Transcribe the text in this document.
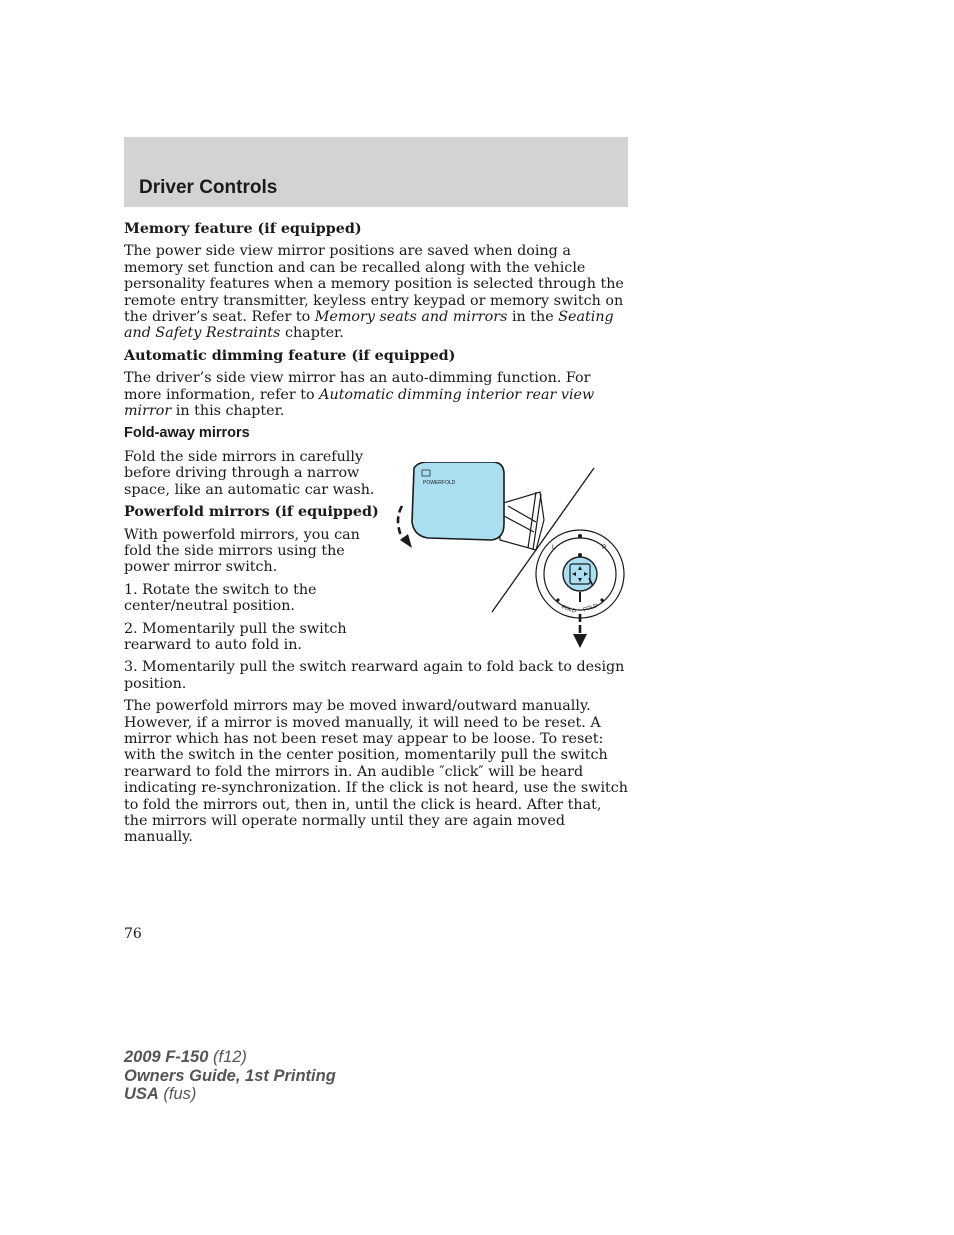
Driver Controls

Memory feature (if equipped)

The power side view mirror positions are saved when doing a memory set function and can be recalled along with the vehicle personality features when a memory position is selected through the remote entry transmitter, keyless entry keypad or memory switch on the driver’s seat. Refer to Memory seats and mirrors in the Seating and Safety Restraints chapter.

Automatic dimming feature (if equipped)

The driver’s side view mirror has an auto-dimming function. For more information, refer to Automatic dimming interior rear view mirror in this chapter.

Fold-away mirrors

Fold the side mirrors in carefully before driving through a narrow space, like an automatic car wash.

Powerfold mirrors (if equipped)

With powerfold mirrors, you can fold the side mirrors using the power mirror switch.

1. Rotate the switch to the center/neutral position.

2. Momentarily pull the switch rearward to auto fold in.

3. Momentarily pull the switch rearward again to fold back to design position.

The powerfold mirrors may be moved inward/outward manually. However, if a mirror is moved manually, it will need to be reset. A mirror which has not been reset may appear to be loose. To reset: with the switch in the center position, momentarily pull the switch rearward to fold the mirrors in. An audible ″click″ will be heard indicating re-synchronization. If the click is not heard, use the switch to fold the mirrors out, then in, until the click is heard. After that, the mirrors will operate normally until they are again moved manually.

POWERFOLD
L	R
FOLD FOLD
76
2009 F-150 (f12)
Owners Guide, 1st Printing
USA (fus)
